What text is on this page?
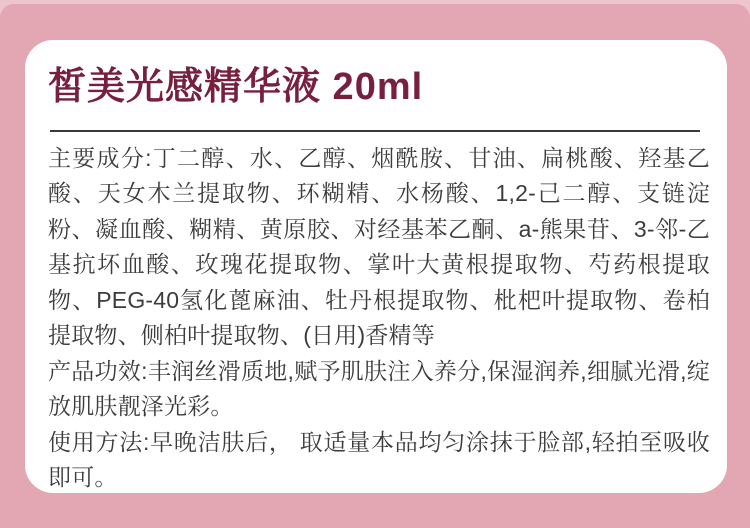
皙美光感精华液 20ml

主要成分:丁二醇、水、乙醇、烟酰胺、甘油、扁桃酸、羟基乙酸、天女木兰提取物、环糊精、水杨酸、1,2-己二醇、支链淀粉、凝血酸、糊精、黄原胶、对经基苯乙酮、a-熊果苷、3-邻-乙基抗坏血酸、玫瑰花提取物、掌叶大黄根提取物、芍药根提取物、PEG-40氢化蓖麻油、牡丹根提取物、枇杷叶提取物、卷柏提取物、侧柏叶提取物、(日用)香精等

产品功效:丰润丝滑质地,赋予肌肤注入养分,保湿润养,细腻光滑,绽放肌肤靓泽光彩。

使用方法:早晚洁肤后， 取适量本品均匀涂抹于脸部,轻拍至吸收即可。
